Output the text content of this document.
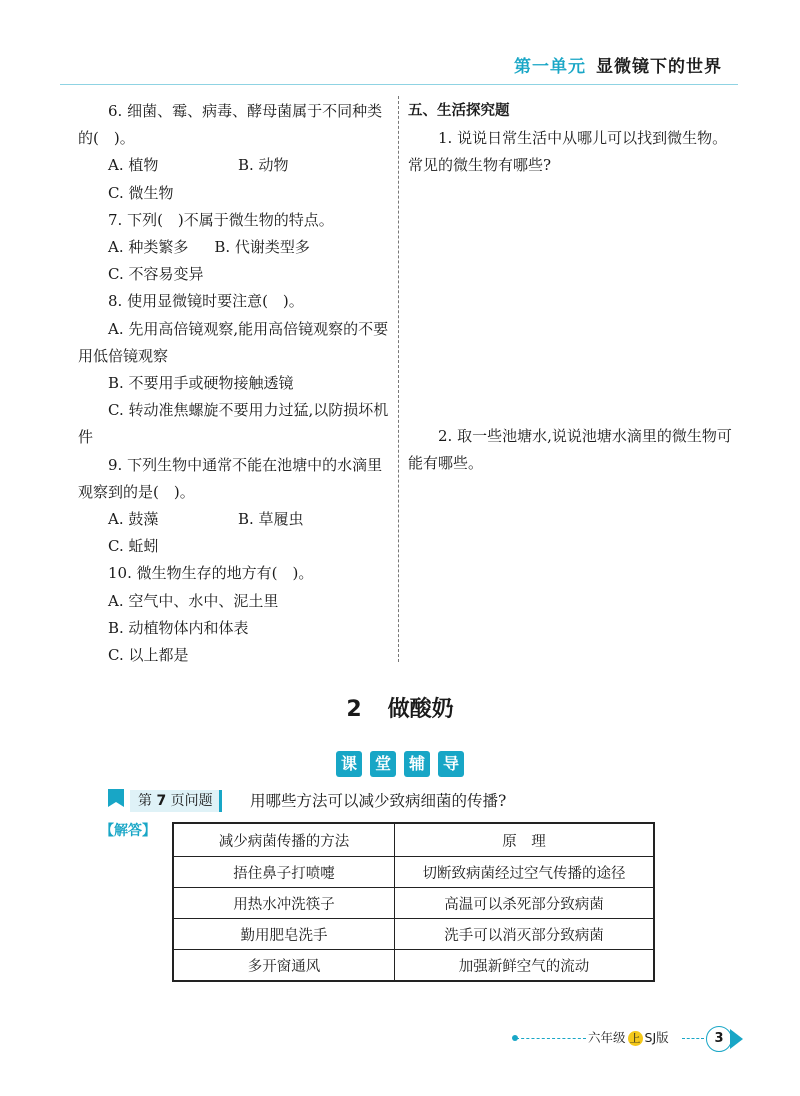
第一单元 显微镜下的世界
6. 细菌、霉、病毒、酵母菌属于不同种类的(　)。
A. 植物	B. 动物
C. 微生物
7. 下列(　)不属于微生物的特点。
A. 种类繁多 B. 代谢类型多
C. 不容易变异
8. 使用显微镜时要注意(　)。
A. 先用高倍镜观察,能用高倍镜观察的不要用低倍镜观察
B. 不要用手或硬物接触透镜
C. 转动准焦螺旋不要用力过猛,以防损坏机件
9. 下列生物中通常不能在池塘中的水滴里观察到的是(　)。
A. 鼓藻	B. 草履虫
C. 蚯蚓
10. 微生物生存的地方有(　)。
A. 空气中、水中、泥土里
B. 动植物体内和体表
C. 以上都是
五、生活探究题
1. 说说日常生活中从哪儿可以找到微生物。常见的微生物有哪些?
2. 取一些池塘水,说说池塘水滴里的微生物可能有哪些。
2 做酸奶
课 堂 辅 导
第 7 页问题	用哪些方法可以减少致病细菌的传播?
【解答】
减少病菌传播的方法	原　理
捂住鼻子打喷嚏	切断致病菌经过空气传播的途径
用热水冲洗筷子	高温可以杀死部分致病菌
勤用肥皂洗手	洗手可以消灭部分致病菌
多开窗通风	加强新鲜空气的流动
六年级 上 SJ版	3
